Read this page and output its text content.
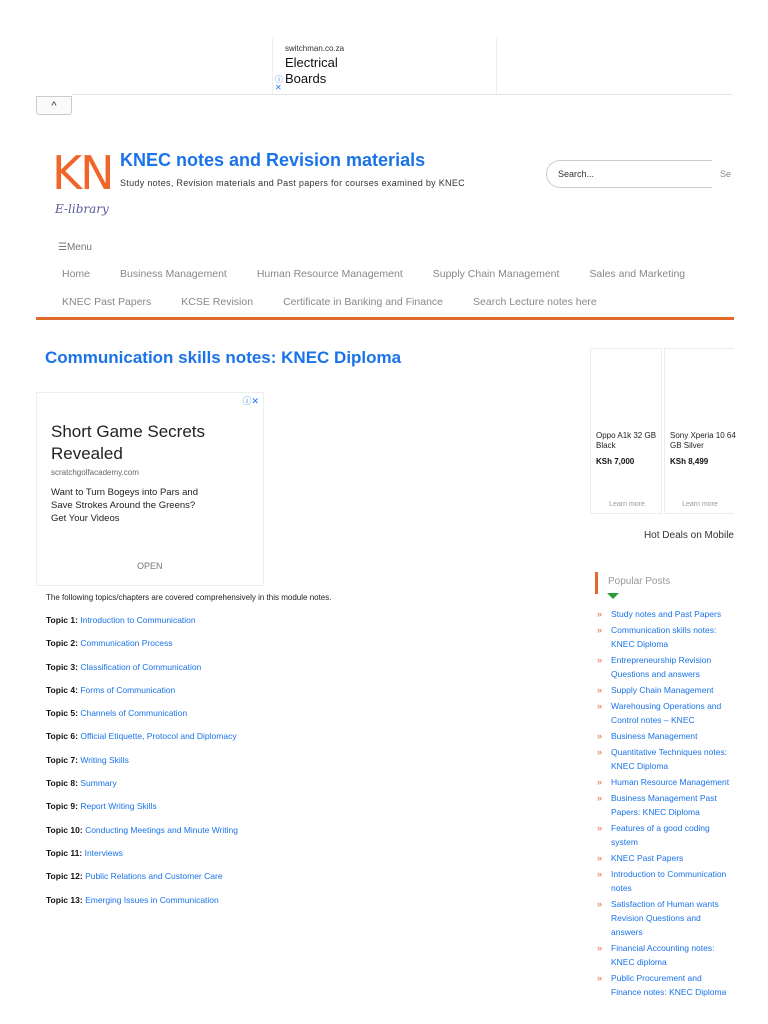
switchman.co.za
Electrical Boards
ⓘ
✕
^
KN
E-library
KNEC notes and Revision materials
Study notes, Revision materials and Past papers for courses examined by KNEC
Search...	Se
☰Menu
Home	Business Management	Human Resource Management	Supply Chain Management	Sales and Marketing
KNEC Past Papers	KCSE Revision	Certificate in Banking and Finance	Search Lecture notes here
Communication skills notes: KNEC Diploma
ⓘ✕
Short Game Secrets Revealed
scratchgolfacademy.com
Want to Turn Bogeys into Pars and Save Strokes Around the Greens? Get Your Videos
OPEN
The following topics/chapters are covered comprehensively in this module notes.
Topic 1: Introduction to Communication
Topic 2: Communication Process
Topic 3: Classification of Communication
Topic 4: Forms of Communication
Topic 5: Channels of Communication
Topic 6: Official Etiquette, Protocol and Diplomacy
Topic 7: Writing Skills
Topic 8: Summary
Topic 9: Report Writing Skills
Topic 10: Conducting Meetings and Minute Writing
Topic 11: Interviews
Topic 12: Public Relations and Customer Care
Topic 13: Emerging Issues in Communication
Oppo A1k 32 GB Black
KSh 7,000
Learn more
Sony Xperia 10 64 GB Silver
KSh 8,499
Learn more
Hot Deals on Mobile
Popular Posts
» Study notes and Past Papers
» Communication skills notes: KNEC Diploma
» Entrepreneurship Revision Questions and answers
» Supply Chain Management
» Warehousing Operations and Control notes – KNEC
» Business Management
» Quantitative Techniques notes: KNEC Diploma
» Human Resource Management
» Business Management Past Papers: KNEC Diploma
» Features of a good coding system
» KNEC Past Papers
» Introduction to Communication notes
» Satisfaction of Human wants Revision Questions and answers
» Financial Accounting notes: KNEC diploma
» Public Procurement and Finance notes: KNEC Diploma
